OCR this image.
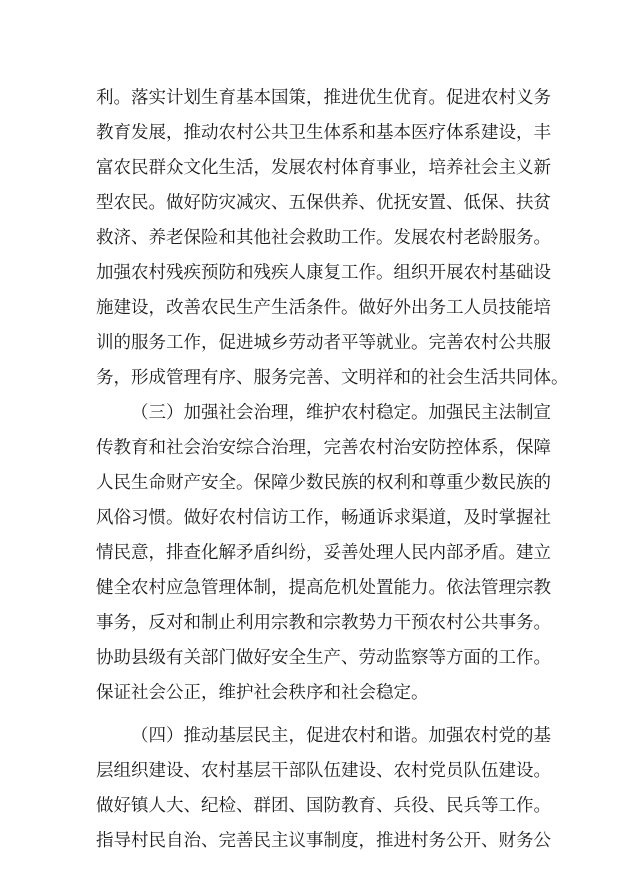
利。落实计划生育基本国策，推进优生优育。促进农村义务
教育发展，推动农村公共卫生体系和基本医疗体系建设，丰
富农民群众文化生活，发展农村体育事业，培养社会主义新
型农民。做好防灾减灾、五保供养、优抚安置、低保、扶贫
救济、养老保险和其他社会救助工作。发展农村老龄服务。
加强农村残疾预防和残疾人康复工作。组织开展农村基础设
施建设，改善农民生产生活条件。做好外出务工人员技能培
训的服务工作，促进城乡劳动者平等就业。完善农村公共服
务，形成管理有序、服务完善、文明祥和的社会生活共同体。
（三）加强社会治理，维护农村稳定。加强民主法制宣
传教育和社会治安综合治理，完善农村治安防控体系，保障
人民生命财产安全。保障少数民族的权利和尊重少数民族的
风俗习惯。做好农村信访工作，畅通诉求渠道，及时掌握社
情民意，排查化解矛盾纠纷，妥善处理人民内部矛盾。建立
健全农村应急管理体制，提高危机处置能力。依法管理宗教
事务，反对和制止利用宗教和宗教势力干预农村公共事务。
协助县级有关部门做好安全生产、劳动监察等方面的工作。
保证社会公正，维护社会秩序和社会稳定。
（四）推动基层民主，促进农村和谐。加强农村党的基
层组织建设、农村基层干部队伍建设、农村党员队伍建设。
做好镇人大、纪检、群团、国防教育、兵役、民兵等工作。
指导村民自治、完善民主议事制度，推进村务公开、财务公
